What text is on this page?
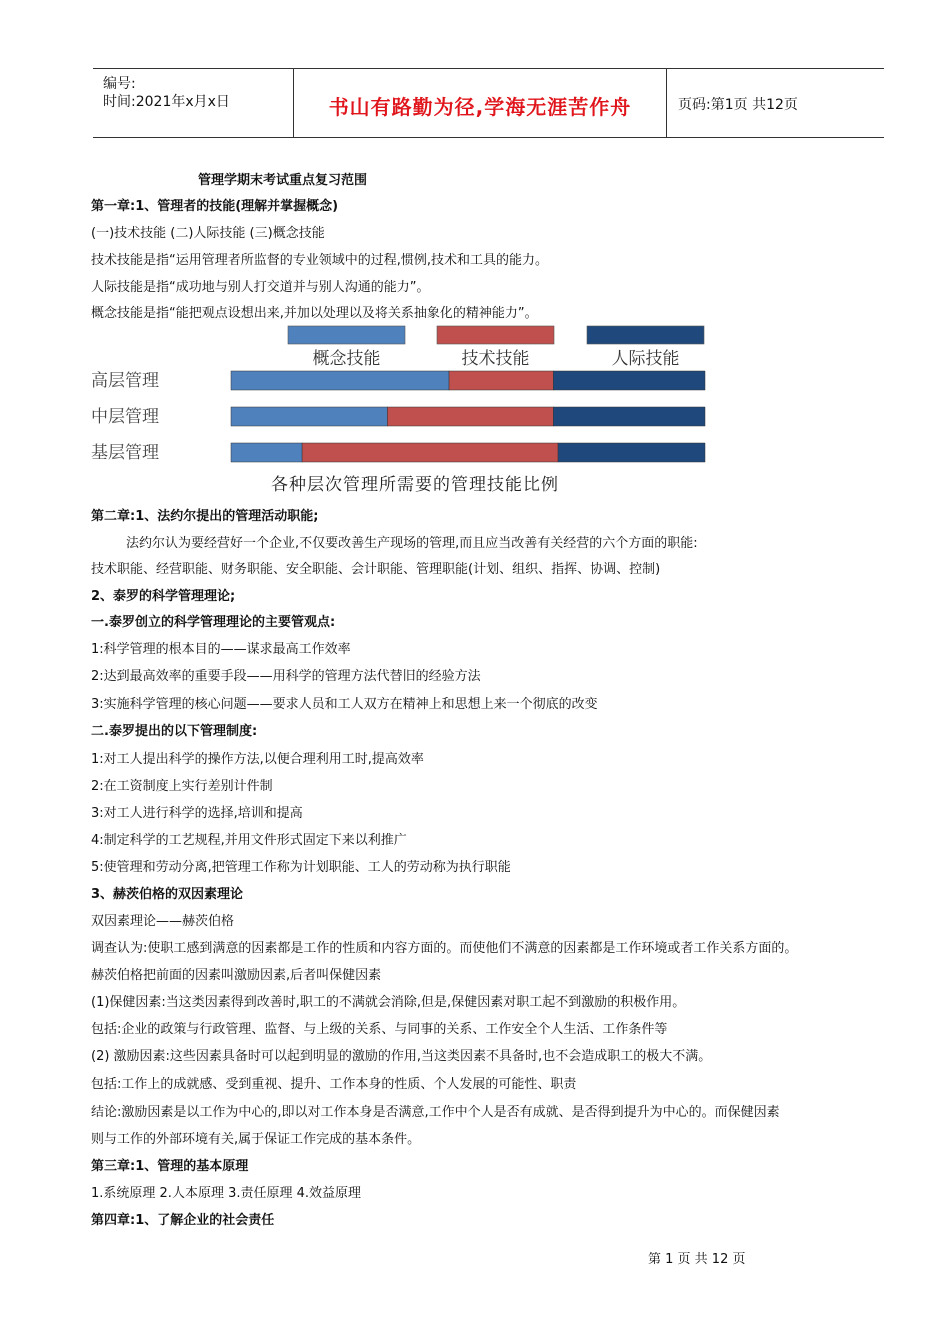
编号:
时间:2021年x月x日	书山有路勤为径,学海无涯苦作舟	页码:第1页 共12页
管理学期末考试重点复习范围
第一章:1、管理者的技能(理解并掌握概念)
(一)技术技能 (二)人际技能 (三)概念技能
技术技能是指“运用管理者所监督的专业领域中的过程,惯例,技术和工具的能力。
人际技能是指“成功地与别人打交道并与别人沟通的能力”。
概念技能是指“能把观点设想出来,并加以处理以及将关系抽象化的精神能力”。
概念技能	技术技能	人际技能
高层管理
中层管理
基层管理
各种层次管理所需要的管理技能比例
第二章:1、法约尔提出的管理活动职能;
法约尔认为要经营好一个企业,不仅要改善生产现场的管理,而且应当改善有关经营的六个方面的职能:
技术职能、经营职能、财务职能、安全职能、会计职能、管理职能(计划、组织、指挥、协调、控制)
2、泰罗的科学管理理论;
一.泰罗创立的科学管理理论的主要管观点:
1:科学管理的根本目的——谋求最高工作效率
2:达到最高效率的重要手段——用科学的管理方法代替旧的经验方法
3:实施科学管理的核心问题——要求人员和工人双方在精神上和思想上来一个彻底的改变
二.泰罗提出的以下管理制度:
1:对工人提出科学的操作方法,以便合理利用工时,提高效率
2:在工资制度上实行差别计件制
3:对工人进行科学的选择,培训和提高
4:制定科学的工艺规程,并用文件形式固定下来以利推广
5:使管理和劳动分离,把管理工作称为计划职能、工人的劳动称为执行职能
3、赫茨伯格的双因素理论
双因素理论——赫茨伯格
调查认为:使职工感到满意的因素都是工作的性质和内容方面的。而使他们不满意的因素都是工作环境或者工作关系方面的。
赫茨伯格把前面的因素叫激励因素,后者叫保健因素
(1)保健因素:当这类因素得到改善时,职工的不满就会消除,但是,保健因素对职工起不到激励的积极作用。
包括:企业的政策与行政管理、监督、与上级的关系、与同事的关系、工作安全个人生活、工作条件等
(2) 激励因素:这些因素具备时可以起到明显的激励的作用,当这类因素不具备时,也不会造成职工的极大不满。
包括:工作上的成就感、受到重视、提升、工作本身的性质、个人发展的可能性、职责
结论:激励因素是以工作为中心的,即以对工作本身是否满意,工作中个人是否有成就、是否得到提升为中心的。而保健因素
则与工作的外部环境有关,属于保证工作完成的基本条件。
第三章:1、管理的基本原理
1.系统原理 2.人本原理 3.责任原理 4.效益原理
第四章:1、了解企业的社会责任
第 1 页 共 12 页
